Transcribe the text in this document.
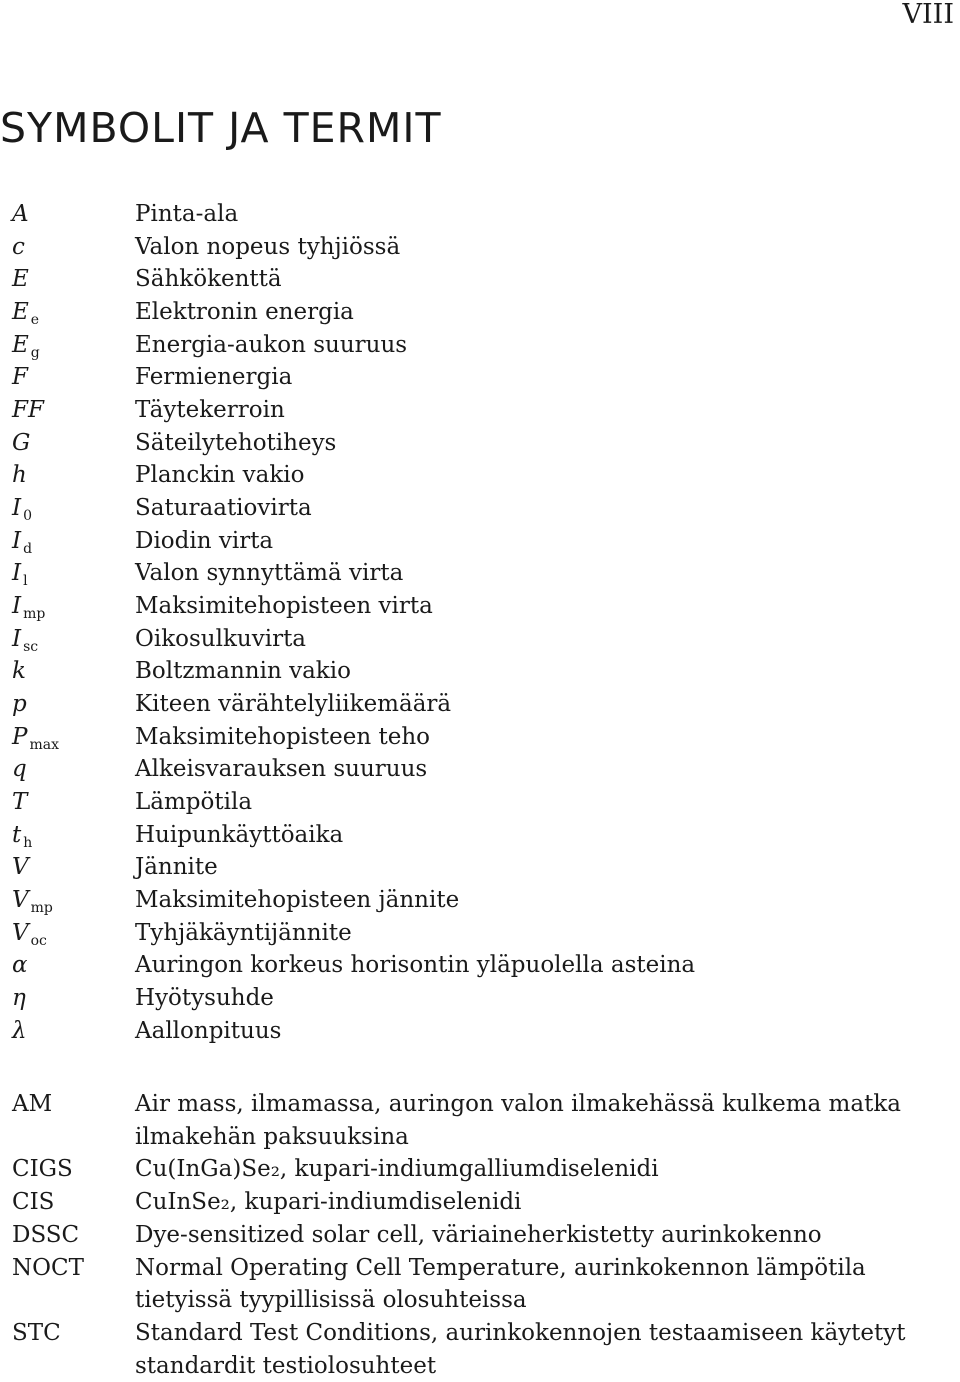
VIII
SYMBOLIT JA TERMIT
A	Pinta-ala
c	Valon nopeus tyhjiössä
E	Sähkökenttä
E $_e$	Elektronin energia
E $_g$	Energia-aukon suuruus
F	Fermienergia
FF	Täytekerroin
G	Säteilytehotiheys
h	Planckin vakio
I $_0$	Saturaatiovirta
I $_d$	Diodin virta
I $_l$	Valon synnyttämä virta
I $_{mp}$	Maksimitehopisteen virta
I $_{sc}$	Oikosulkuvirta
k	Boltzmannin vakio
p	Kiteen värähtelyliikemäärä
P $_{max}$	Maksimitehopisteen teho
q	Alkeisvarauksen suuruus
T	Lämpötila
t $_h$	Huipunkäyttöaika
V	Jännite
V $_{mp}$	Maksimitehopisteen jännite
V $_{oc}$	Tyhjäkäyntijännite
α	Auringon korkeus horisontin yläpuolella asteina
η	Hyötysuhde
λ	Aallonpituus
AM	Air mass, ilmamassa, auringon valon ilmakehässä kulkema matka ilmakehän paksuuksina
CIGS	Cu(InGa)Se₂, kupari-indiumgalliumdiselenidi
CIS	CuInSe₂, kupari-indiumdiselenidi
DSSC	Dye-sensitized solar cell, väriaineherkistetty aurinkokenno
NOCT	Normal Operating Cell Temperature, aurinkokennon lämpötila tietyissä tyypillisissä olosuhteissa
STC	Standard Test Conditions, aurinkokennojen testaamiseen käytetyt standardit testiolosuhteet
